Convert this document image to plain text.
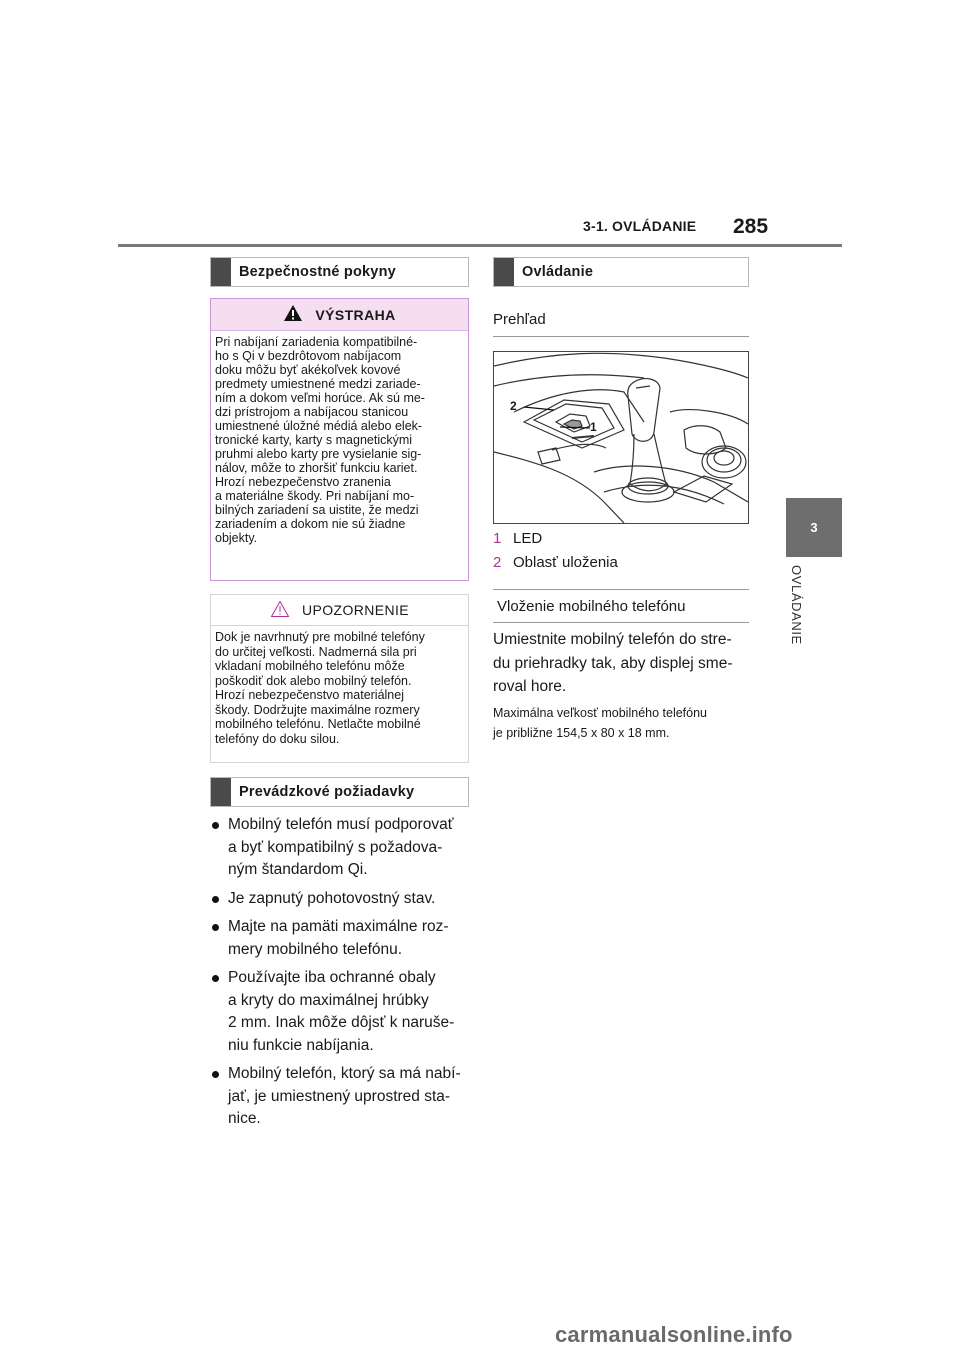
3-1. OVLÁDANIE 285
3
OVLÁDANIE
Bezpečnostné pokyny
VÝSTRAHA
Pri nabíjaní zariadenia kompatibilné-
ho s Qi v bezdrôtovom nabíjacom
doku môžu byť akékoľvek kovové
predmety umiestnené medzi zariade-
ním a dokom veľmi horúce. Ak sú me-
dzi prístrojom a nabíjacou stanicou
umiestnené úložné médiá alebo elek-
tronické karty, karty s magnetickými
pruhmi alebo karty pre vysielanie sig-
nálov, môže to zhoršiť funkciu kariet.
Hrozí nebezpečenstvo zranenia
a materiálne škody. Pri nabíjaní mo-
bilných zariadení sa uistite, že medzi
zariadením a dokom nie sú žiadne
objekty.
UPOZORNENIE
Dok je navrhnutý pre mobilné telefóny
do určitej veľkosti. Nadmerná sila pri
vkladaní mobilného telefónu môže
poškodiť dok alebo mobilný telefón.
Hrozí nebezpečenstvo materiálnej
škody. Dodržujte maximálne rozmery
mobilného telefónu. Netlačte mobilné
telefóny do doku silou.
Prevádzkové požiadavky
Mobilný telefón musí podporovať
a byť kompatibilný s požadova-
ným štandardom Qi.
Je zapnutý pohotovostný stav.
Majte na pamäti maximálne roz-
mery mobilného telefónu.
Používajte iba ochranné obaly
a kryty do maximálnej hrúbky
2 mm. Inak môže dôjsť k naruše-
niu funkcie nabíjania.
Mobilný telefón, ktorý sa má nabí-
jať, je umiestnený uprostred sta-
nice.
Ovládanie
Prehľad
2
1
1 LED
2 Oblasť uloženia
Vloženie mobilného telefónu
Umiestnite mobilný telefón do stre-
du priehradky tak, aby displej sme-
roval hore.
Maximálna veľkosť mobilného telefónu
je približne 154,5 x 80 x 18 mm.
carmanualsonline.info
